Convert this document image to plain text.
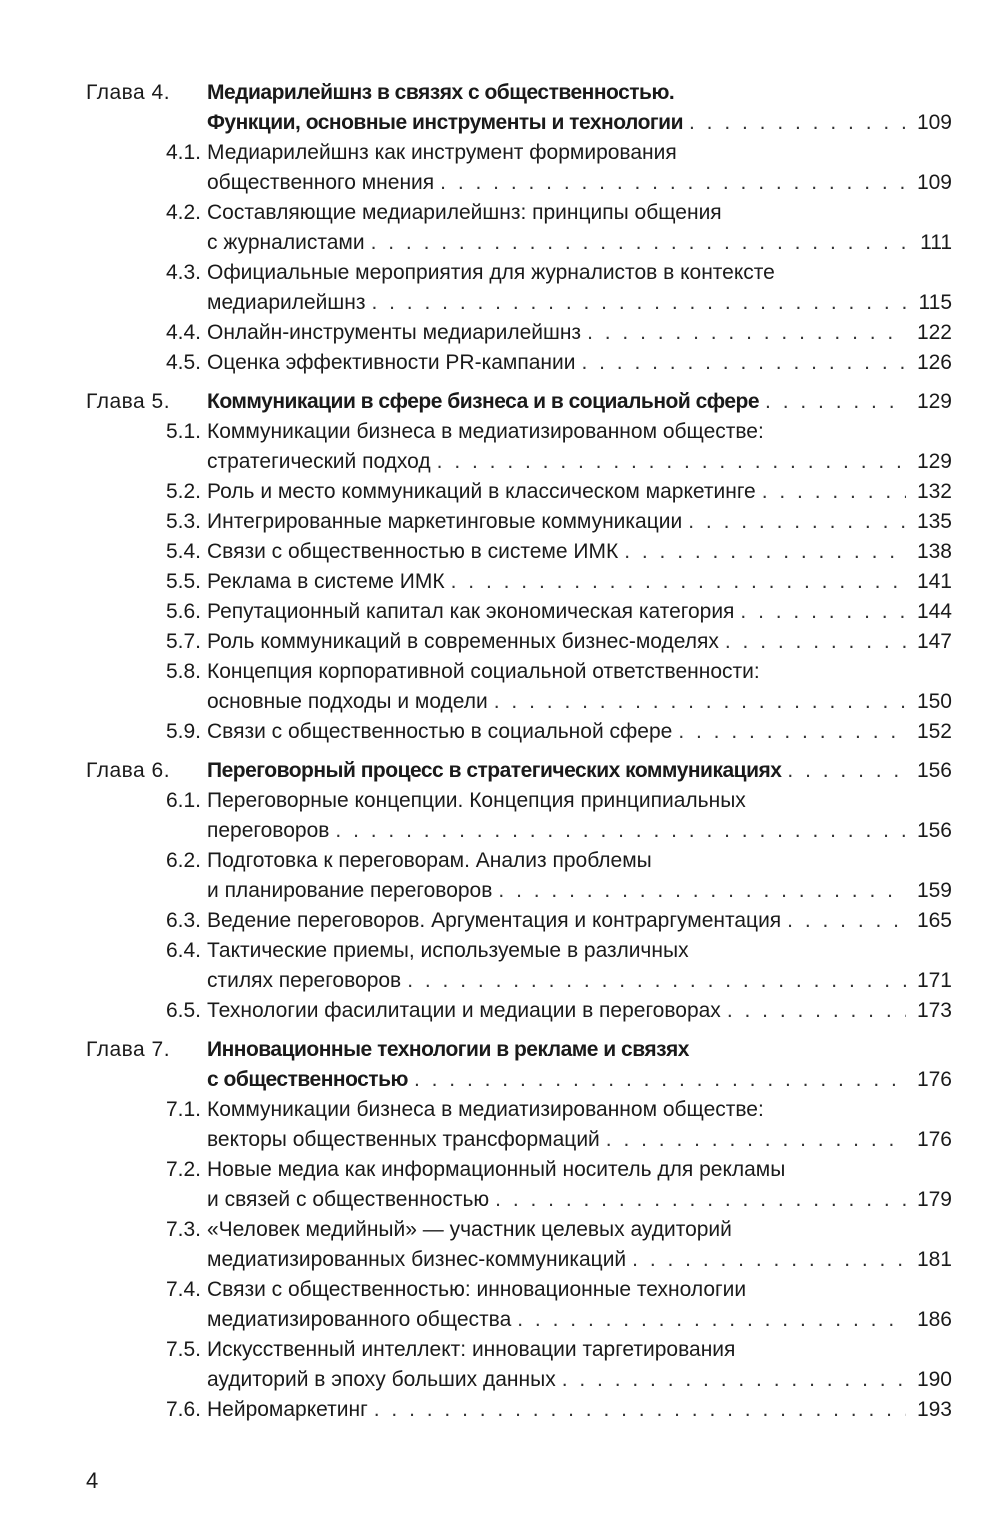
Глава 4.	Медиарилейшнз в связях с общественностью.
Функции, основные инструменты и технологии . . .	109
4.1. Медиарилейшнз как инструмент формирования
общественного мнения . . .	109
4.2. Составляющие медиарилейшнз: принципы общения
с журналистами . . .	111
4.3. Официальные мероприятия для журналистов в контексте
медиарилейшнз . . .	115
4.4. Онлайн-инструменты медиарилейшнз . . .	122
4.5. Оценка эффективности PR-кампании . . .	126
Глава 5.	Коммуникации в сфере бизнеса и в социальной сфере . . .	129
5.1. Коммуникации бизнеса в медиатизированном обществе:
стратегический подход . . .	129
5.2. Роль и место коммуникаций в классическом маркетинге . . .	132
5.3. Интегрированные маркетинговые коммуникации . . .	135
5.4. Связи с общественностью в системе ИМК . . .	138
5.5. Реклама в системе ИМК . . .	141
5.6. Репутационный капитал как экономическая категория . . .	144
5.7. Роль коммуникаций в современных бизнес-моделях . . .	147
5.8. Концепция корпоративной социальной ответственности:
основные подходы и модели . . .	150
5.9. Связи с общественностью в социальной сфере . . .	152
Глава 6.	Переговорный процесс в стратегических коммуникациях . . .	156
6.1. Переговорные концепции. Концепция принципиальных
переговоров . . .	156
6.2. Подготовка к переговорам. Анализ проблемы
и планирование переговоров . . .	159
6.3. Ведение переговоров. Аргументация и контраргументация . . .	165
6.4. Тактические приемы, используемые в различных
стилях переговоров . . .	171
6.5. Технологии фасилитации и медиации в переговорах . . .	173
Глава 7.	Инновационные технологии в рекламе и связях
с общественностью . . .	176
7.1. Коммуникации бизнеса в медиатизированном обществе:
векторы общественных трансформаций . . .	176
7.2. Новые медиа как информационный носитель для рекламы
и связей с общественностью . . .	179
7.3. «Человек медийный» — участник целевых аудиторий
медиатизированных бизнес-коммуникаций . . .	181
7.4. Связи с общественностью: инновационные технологии
медиатизированного общества . . .	186
7.5. Искусственный интеллект: инновации таргетирования
аудиторий в эпоху больших данных . . .	190
7.6. Нейромаркетинг . . .	193
4
